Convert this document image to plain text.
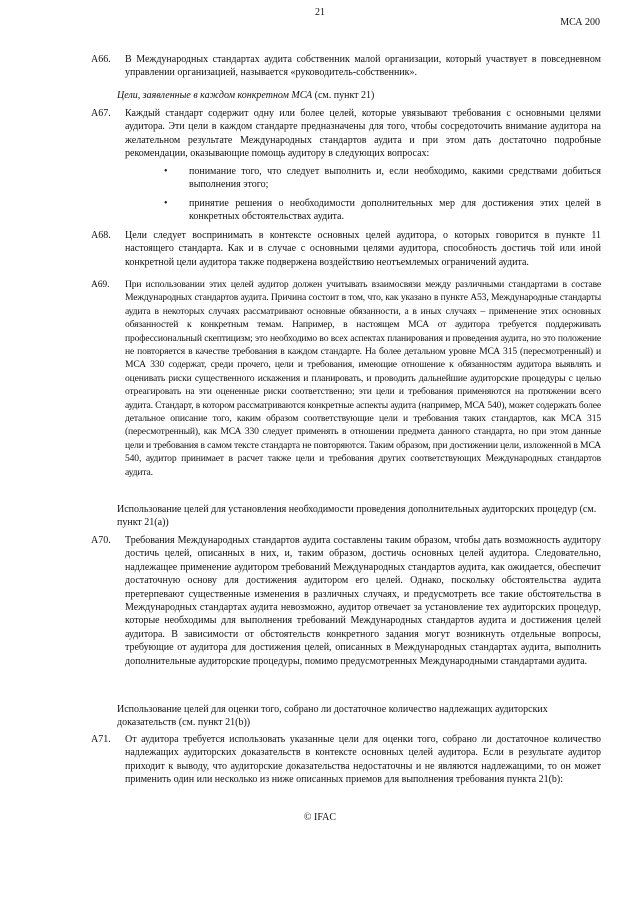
21
МСА 200
A66. В Международных стандартах аудита собственник малой организации, который участвует в повседневном управлении организацией, называется «руководитель-собственник».
Цели, заявленные в каждом конкретном МСА (см. пункт 21)
A67. Каждый стандарт содержит одну или более целей, которые увязывают требования с основными целями аудитора. Эти цели в каждом стандарте предназначены для того, чтобы сосредоточить внимание аудитора на желательном результате Международных стандартов аудита и при этом дать достаточно подробные рекомендации, оказывающие помощь аудитору в следующих вопросах:
• понимание того, что следует выполнить и, если необходимо, какими средствами добиться выполнения этого;
• принятие решения о необходимости дополнительных мер для достижения этих целей в конкретных обстоятельствах аудита.
A68. Цели следует воспринимать в контексте основных целей аудитора, о которых говорится в пункте 11 настоящего стандарта. Как и в случае с основными целями аудитора, способность достичь той или иной конкретной цели аудитора также подвержена воздействию неотъемлемых ограничений аудита.
A69. При использовании этих целей аудитор должен учитывать взаимосвязи между различными стандартами в составе Международных стандартов аудита. Причина состоит в том, что, как указано в пункте A53, Международные стандарты аудита в некоторых случаях рассматривают основные обязанности, а в иных случаях – применение этих основных обязанностей к конкретным темам. Например, в настоящем МСА от аудитора требуется поддерживать профессиональный скептицизм; это необходимо во всех аспектах планирования и проведения аудита, но это положение не повторяется в качестве требования в каждом стандарте. На более детальном уровне МСА 315 (пересмотренный) и МСА 330 содержат, среди прочего, цели и требования, имеющие отношение к обязанностям аудитора выявлять и оценивать риски существенного искажения и планировать, и проводить дальнейшие аудиторские процедуры с целью отреагировать на эти оцененные риски соответственно; эти цели и требования применяются на протяжении всего аудита. Стандарт, в котором рассматриваются конкретные аспекты аудита (например, МСА 540), может содержать более детальное описание того, каким образом соответствующие цели и требования таких стандартов, как МСА 315 (пересмотренный), как МСА 330 следует применять в отношении предмета данного стандарта, но при этом данные цели и требования в самом тексте стандарта не повторяются. Таким образом, при достижении цели, изложенной в МСА 540, аудитор принимает в расчет также цели и требования других соответствующих Международных стандартов аудита.
Использование целей для установления необходимости проведения дополнительных аудиторских процедур (см. пункт 21(a))
A70. Требования Международных стандартов аудита составлены таким образом, чтобы дать возможность аудитору достичь целей, описанных в них, и, таким образом, достичь основных целей аудитора. Следовательно, надлежащее применение аудитором требований Международных стандартов аудита, как ожидается, обеспечит достаточную основу для достижения аудитором его целей. Однако, поскольку обстоятельства аудита претерпевают существенные изменения в различных случаях, и предусмотреть все такие обстоятельства в Международных стандартах аудита невозможно, аудитор отвечает за установление тех аудиторских процедур, которые необходимы для выполнения требований Международных стандартов аудита и достижения целей аудитора. В зависимости от обстоятельств конкретного задания могут возникнуть отдельные вопросы, требующие от аудитора для достижения целей, описанных в Международных стандартах аудита, выполнить дополнительные аудиторские процедуры, помимо предусмотренных Международными стандартами аудита.
Использование целей для оценки того, собрано ли достаточное количество надлежащих аудиторских доказательств (см. пункт 21(b))
A71. От аудитора требуется использовать указанные цели для оценки того, собрано ли достаточное количество надлежащих аудиторских доказательств в контексте основных целей аудитора. Если в результате аудитор приходит к выводу, что аудиторские доказательства недостаточны и не являются надлежащими, то он может применить один или несколько из ниже описанных приемов для выполнения требования пункта 21(b):
© IFAC
